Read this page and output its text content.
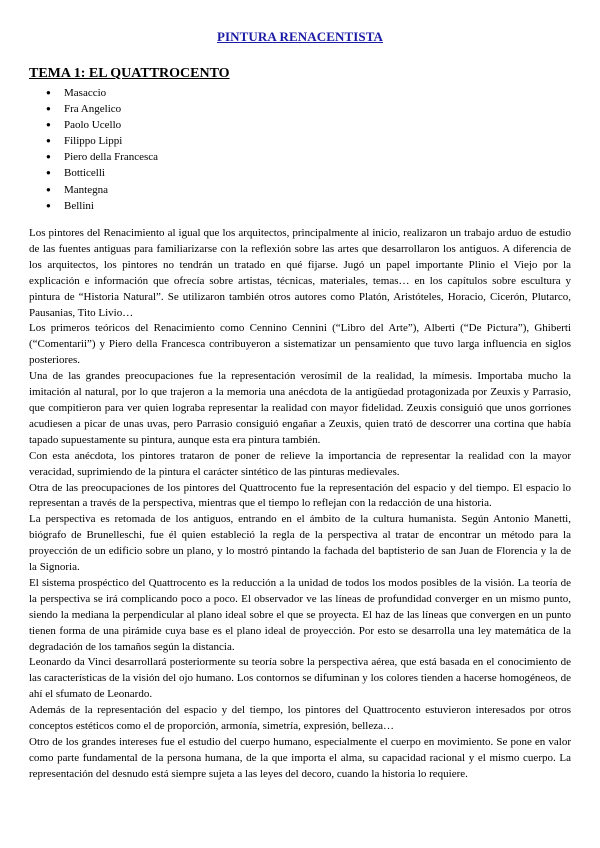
PINTURA RENACENTISTA
TEMA 1: EL QUATTROCENTO
● Masaccio
● Fra Angelico
● Paolo Ucello
● Filippo Lippi
● Piero della Francesca
● Botticelli
● Mantegna
● Bellini

Los pintores del Renacimiento al igual que los arquitectos, principalmente al inicio, realizaron un trabajo arduo de estudio de las fuentes antiguas para familiarizarse con la reflexión sobre las artes que desarrollaron los antiguos. A diferencia de los arquitectos, los pintores no tendrán un tratado en qué fijarse. Jugó un papel importante Plinio el Viejo por la explicación e información que ofrecía sobre artistas, técnicas, materiales, temas… en los capítulos sobre escultura y pintura de “Historia Natural”. Se utilizaron también otros autores como Platón, Aristóteles, Horacio, Cicerón, Plutarco, Pausanias, Tito Livio…

Los primeros teóricos del Renacimiento como Cennino Cennini (“Libro del Arte”), Alberti (“De Pictura”), Ghiberti (“Comentarii”) y Piero della Francesca contribuyeron a sistematizar un pensamiento que tuvo larga influencia en siglos posteriores.

Una de las grandes preocupaciones fue la representación verosímil de la realidad, la mímesis. Importaba mucho la imitación al natural, por lo que trajeron a la memoria una anécdota de la antigüedad protagonizada por Zeuxis y Parrasio, que compitieron para ver quien lograba representar la realidad con mayor fidelidad. Zeuxis consiguió que unos gorriones acudiesen a picar de unas uvas, pero Parrasio consiguió engañar a Zeuxis, quien trató de descorrer una cortina que había tapado supuestamente su pintura, aunque esta era pintura también.

Con esta anécdota, los pintores trataron de poner de relieve la importancia de representar la realidad con la mayor veracidad, suprimiendo de la pintura el carácter sintético de las pinturas medievales.

Otra de las preocupaciones de los pintores del Quattrocento fue la representación del espacio y del tiempo. El espacio lo representan a través de la perspectiva, mientras que el tiempo lo reflejan con la redacción de una historia.

La perspectiva es retomada de los antiguos, entrando en el ámbito de la cultura humanista. Según Antonio Manetti, biógrafo de Brunelleschi, fue él quien estableció la regla de la perspectiva al tratar de encontrar un método para la proyección de un edificio sobre un plano, y lo mostró pintando la fachada del baptisterio de san Juan de Florencia y la de la Signoria.

El sistema prospéctico del Quattrocento es la reducción a la unidad de todos los modos posibles de la visión. La teoría de la perspectiva se irá complicando poco a poco. El observador ve las líneas de profundidad converger en un mismo punto, siendo la mediana la perpendicular al plano ideal sobre el que se proyecta. El haz de las líneas que convergen en un punto tienen forma de una pirámide cuya base es el plano ideal de proyección. Por esto se desarrolla una ley matemática de la degradación de los tamaños según la distancia.

Leonardo da Vinci desarrollará posteriormente su teoría sobre la perspectiva aérea, que está basada en el conocimiento de las características de la visión del ojo humano. Los contornos se difuminan y los colores tienden a hacerse homogéneos, de ahí el sfumato de Leonardo.

Además de la representación del espacio y del tiempo, los pintores del Quattrocento estuvieron interesados por otros conceptos estéticos como el de proporción, armonía, simetría, expresión, belleza…

Otro de los grandes intereses fue el estudio del cuerpo humano, especialmente el cuerpo en movimiento. Se pone en valor como parte fundamental de la persona humana, de la que importa el alma, su capacidad racional y el mismo cuerpo. La representación del desnudo está siempre sujeta a las leyes del decoro, cuando la historia lo requiere.
